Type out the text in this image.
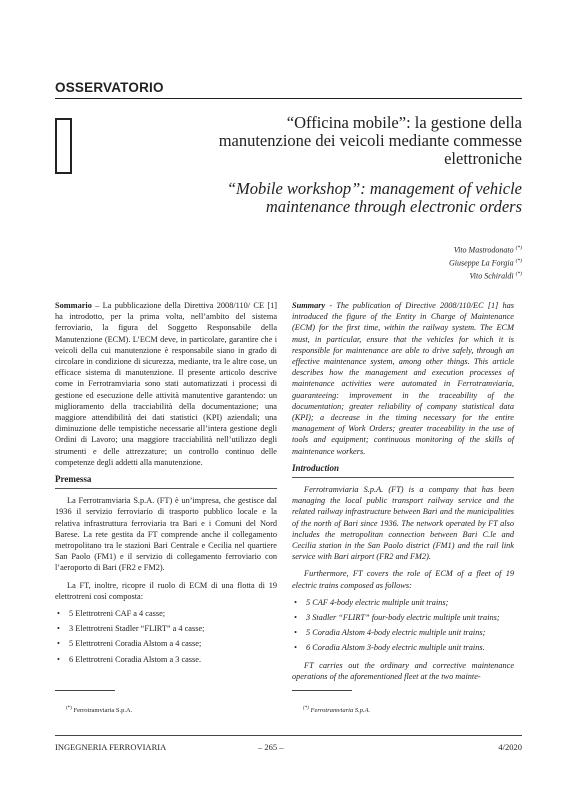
OSSERVATORIO
“Officina mobile”: la gestione della manutenzione dei veicoli mediante commesse elettroniche
“Mobile workshop”: management of vehicle maintenance through electronic orders
Vito Mastrodonato (*)
Giuseppe La Forgia (*)
Vito Schiraldi (*)

Sommario – La pubblicazione della Direttiva 2008/110/ CE [1] ha introdotto, per la prima volta, nell’ambito del sistema ferroviario, la figura del Soggetto Responsabile della Manutenzione (ECM). L’ECM deve, in particolare, garantire che i veicoli della cui manutenzione è responsabile siano in grado di circolare in condizione di sicurezza, mediante, tra le altre cose, un efficace sistema di manutenzione. Il presente articolo descrive come in Ferrotramviaria sono stati automatizzati i processi di gestione ed esecuzione delle attività manutentive garantendo: un miglioramento della tracciabilità della documentazione; una maggiore attendibilità dei dati statistici (KPI) aziendali; una diminuzione delle tempistiche necessarie all’intera gestione degli Ordini di Lavoro; una maggiore tracciabilità nell’utilizzo degli strumenti e delle attrezzature; un controllo continuo delle competenze degli addetti alla manutenzione.

Premessa

La Ferrotramviaria S.p.A. (FT) è un’impresa, che gestisce dal 1936 il servizio ferroviario di trasporto pubblico locale e la relativa infrastruttura ferroviaria tra Bari e i Comuni del Nord Barese. La rete gestita da FT comprende anche il collegamento metropolitano tra le stazioni Bari Centrale e Cecilia nel quartiere San Paolo (FM1) e il servizio di collegamento ferroviario con l’aeroporto di Bari (FR2 e FM2).

La FT, inoltre, ricopre il ruolo di ECM di una flotta di 19 elettrotreni così composta:

• 5 Elettrotreni CAF a 4 casse;
• 3 Elettrotreni Stadler “FLIRT” a 4 casse;
• 5 Elettrotreni Coradia Alstom a 4 casse;
• 6 Elettrotreni Coradia Alstom a 3 casse.

Summary - The publication of Directive 2008/110/EC [1] has introduced the figure of the Entity in Charge of Maintenance (ECM) for the first time, within the railway system. The ECM must, in particular, ensure that the vehicles for which it is responsible for maintenance are able to drive safely, through an effective maintenance system, among other things. This article describes how the management and execution processes of maintenance activities were automated in Ferrotramviaria, guaranteeing: improvement in the traceability of the documentation; greater reliability of company statistical data (KPI); a decrease in the timing necessary for the entire management of Work Orders; greater traceability in the use of tools and equipment; continuous monitoring of the skills of maintenance workers.

Introduction

Ferrotramviaria S.p.A. (FT) is a company that has been managing the local public transport railway service and the related railway infrastructure between Bari and the municipalities of the north of Bari since 1936. The network operated by FT also includes the metropolitan connection between Bari C.le and Cecilia station in the San Paolo district (FM1) and the rail link service with Bari airport (FR2 and FM2).

Furthermore, FT covers the role of ECM of a fleet of 19 electric trains composed as follows:

• 5 CAF 4-body electric multiple unit trains;
• 3 Stadler “FLIRT” four-body electric multiple unit trains;
• 5 Coradia Alstom 4-body electric multiple unit trains;
• 6 Coradia Alstom 3-body electric multiple unit trains.

FT carries out the ordinary and corrective maintenance operations of the aforementioned fleet at the two mainte-

(*) Ferrotramviaria S.p.A.	(*) Ferrotramviaria S.p.A.
INGEGNERIA FERROVIARIA	– 265 –	4/2020
